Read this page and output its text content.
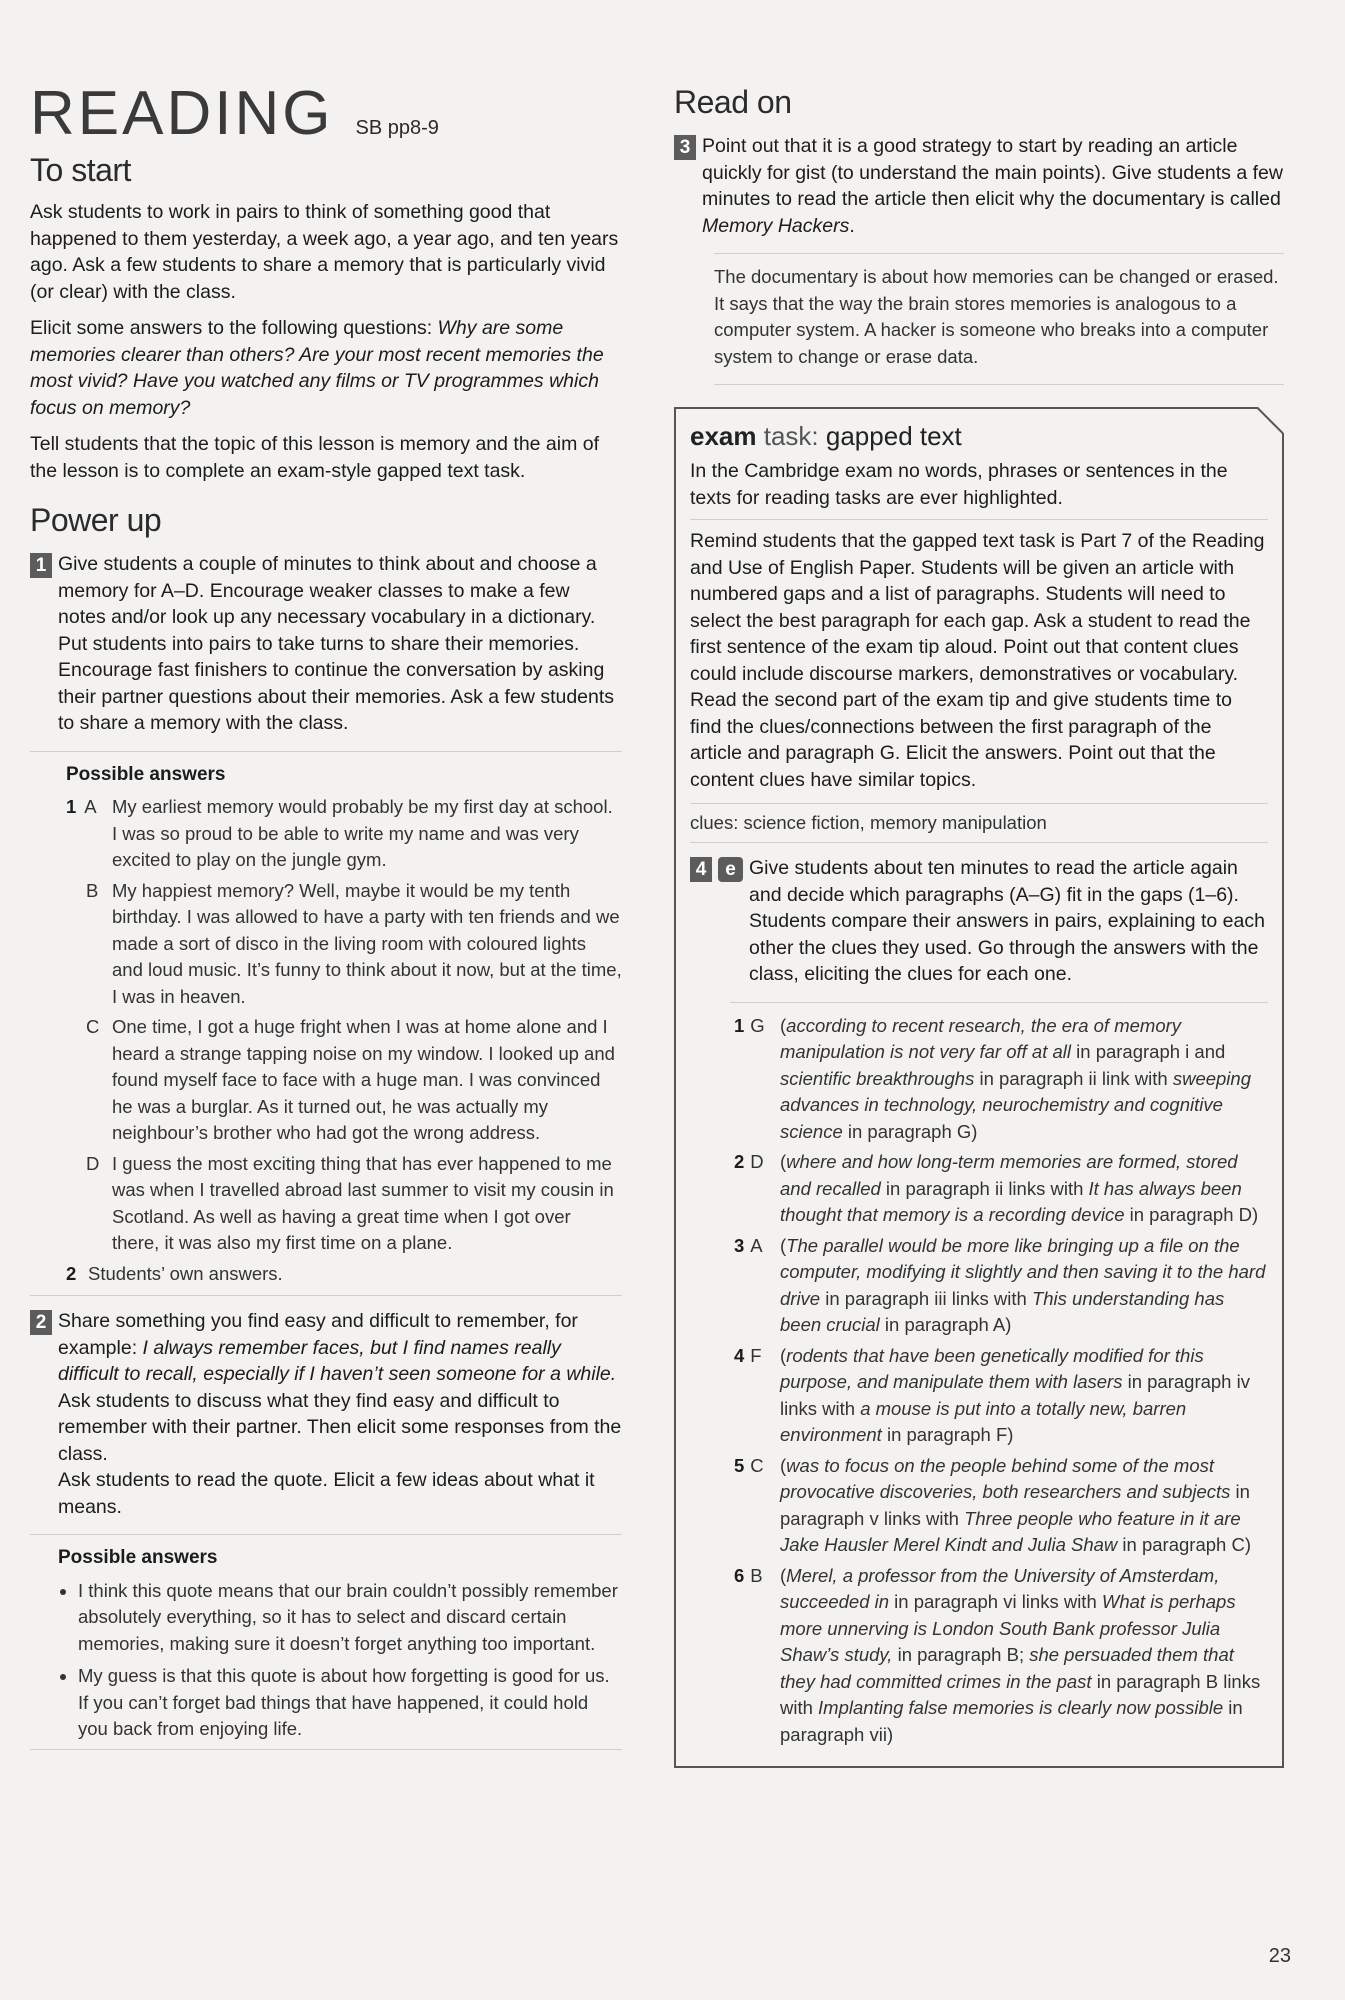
READING SB pp8-9
To start

Ask students to work in pairs to think of something good that happened to them yesterday, a week ago, a year ago, and ten years ago. Ask a few students to share a memory that is particularly vivid (or clear) with the class.

Elicit some answers to the following questions: Why are some memories clearer than others? Are your most recent memories the most vivid? Have you watched any films or TV programmes which focus on memory?

Tell students that the topic of this lesson is memory and the aim of the lesson is to complete an exam-style gapped text task.

Power up
1 Give students a couple of minutes to think about and choose a memory for A–D. Encourage weaker classes to make a few notes and/or look up any necessary vocabulary in a dictionary. Put students into pairs to take turns to share their memories. Encourage fast finishers to continue the conversation by asking their partner questions about their memories. Ask a few students to share a memory with the class.

Possible answers
1 A My earliest memory would probably be my first day at school. I was so proud to be able to write my name and was very excited to play on the jungle gym.
B My happiest memory? Well, maybe it would be my tenth birthday. I was allowed to have a party with ten friends and we made a sort of disco in the living room with coloured lights and loud music. It’s funny to think about it now, but at the time, I was in heaven.
C One time, I got a huge fright when I was at home alone and I heard a strange tapping noise on my window. I looked up and found myself face to face with a huge man. I was convinced he was a burglar. As it turned out, he was actually my neighbour’s brother who had got the wrong address.
D I guess the most exciting thing that has ever happened to me was when I travelled abroad last summer to visit my cousin in Scotland. As well as having a great time when I got over there, it was also my first time on a plane.
2 Students’ own answers.
2 Share something you find easy and difficult to remember, for example: I always remember faces, but I find names really difficult to recall, especially if I haven’t seen someone for a while. Ask students to discuss what they find easy and difficult to remember with their partner. Then elicit some responses from the class.

Ask students to read the quote. Elicit a few ideas about what it means.

Possible answers
• I think this quote means that our brain couldn’t possibly remember absolutely everything, so it has to select and discard certain memories, making sure it doesn’t forget anything too important.
• My guess is that this quote is about how forgetting is good for us. If you can’t forget bad things that have happened, it could hold you back from enjoying life.
Read on
3 Point out that it is a good strategy to start by reading an article quickly for gist (to understand the main points). Give students a few minutes to read the article then elicit why the documentary is called Memory Hackers.

The documentary is about how memories can be changed or erased. It says that the way the brain stores memories is analogous to a computer system. A hacker is someone who breaks into a computer system to change or erase data.

exam task: gapped text

In the Cambridge exam no words, phrases or sentences in the texts for reading tasks are ever highlighted.

Remind students that the gapped text task is Part 7 of the Reading and Use of English Paper. Students will be given an article with numbered gaps and a list of paragraphs. Students will need to select the best paragraph for each gap. Ask a student to read the first sentence of the exam tip aloud. Point out that content clues could include discourse markers, demonstratives or vocabulary. Read the second part of the exam tip and give students time to find the clues/connections between the first paragraph of the article and paragraph G. Elicit the answers. Point out that the content clues have similar topics.

clues: science fiction, memory manipulation

4 e Give students about ten minutes to read the article again and decide which paragraphs (A–G) fit in the gaps (1–6). Students compare their answers in pairs, explaining to each other the clues they used. Go through the answers with the class, eliciting the clues for each one.

1 G (according to recent research, the era of memory manipulation is not very far off at all in paragraph i and scientific breakthroughs in paragraph ii link with sweeping advances in technology, neurochemistry and cognitive science in paragraph G)
2 D (where and how long-term memories are formed, stored and recalled in paragraph ii links with It has always been thought that memory is a recording device in paragraph D)
3 A (The parallel would be more like bringing up a file on the computer, modifying it slightly and then saving it to the hard drive in paragraph iii links with This understanding has been crucial in paragraph A)
4 F (rodents that have been genetically modified for this purpose, and manipulate them with lasers in paragraph iv links with a mouse is put into a totally new, barren environment in paragraph F)
5 C (was to focus on the people behind some of the most provocative discoveries, both researchers and subjects in paragraph v links with Three people who feature in it are Jake Hausler Merel Kindt and Julia Shaw in paragraph C)
6 B (Merel, a professor from the University of Amsterdam, succeeded in in paragraph vi links with What is perhaps more unnerving is London South Bank professor Julia Shaw’s study, in paragraph B; she persuaded them that they had committed crimes in the past in paragraph B links with Implanting false memories is clearly now possible in paragraph vii)
23
